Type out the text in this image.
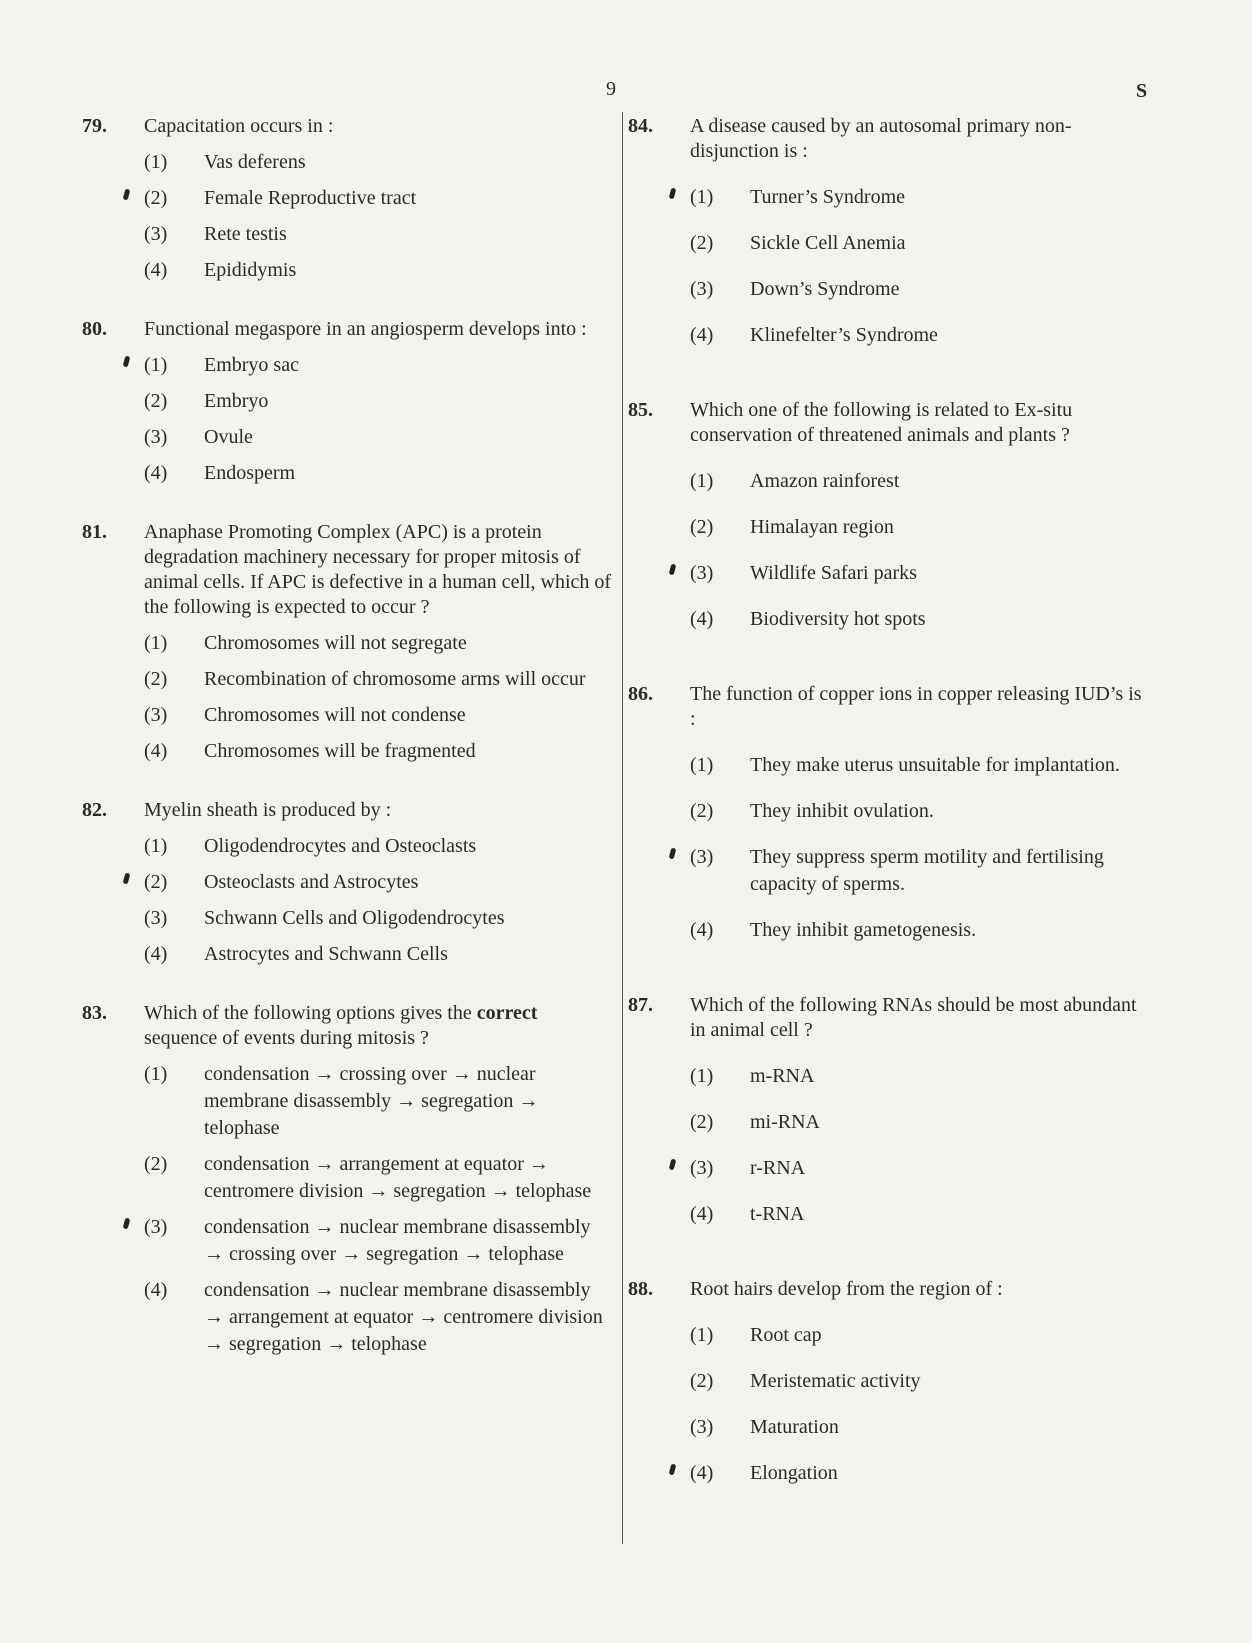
9	S
79. Capacitation occurs in :
(1) Vas deferens
(2) Female Reproductive tract
(3) Rete testis
(4) Epididymis
80. Functional megaspore in an angiosperm develops into :
(1) Embryo sac
(2) Embryo
(3) Ovule
(4) Endosperm
81. Anaphase Promoting Complex (APC) is a protein degradation machinery necessary for proper mitosis of animal cells. If APC is defective in a human cell, which of the following is expected to occur ?
(1) Chromosomes will not segregate
(2) Recombination of chromosome arms will occur
(3) Chromosomes will not condense
(4) Chromosomes will be fragmented
82. Myelin sheath is produced by :
(1) Oligodendrocytes and Osteoclasts
(2) Osteoclasts and Astrocytes
(3) Schwann Cells and Oligodendrocytes
(4) Astrocytes and Schwann Cells
83. Which of the following options gives the correct sequence of events during mitosis ?
(1) condensation → crossing over → nuclear membrane disassembly → segregation → telophase
(2) condensation → arrangement at equator → centromere division → segregation → telophase
(3) condensation → nuclear membrane disassembly → crossing over → segregation → telophase
(4) condensation → nuclear membrane disassembly → arrangement at equator → centromere division → segregation → telophase
84. A disease caused by an autosomal primary non-disjunction is :
(1) Turner’s Syndrome
(2) Sickle Cell Anemia
(3) Down’s Syndrome
(4) Klinefelter’s Syndrome
85. Which one of the following is related to Ex-situ conservation of threatened animals and plants ?
(1) Amazon rainforest
(2) Himalayan region
(3) Wildlife Safari parks
(4) Biodiversity hot spots
86. The function of copper ions in copper releasing IUD’s is :
(1) They make uterus unsuitable for implantation.
(2) They inhibit ovulation.
(3) They suppress sperm motility and fertilising capacity of sperms.
(4) They inhibit gametogenesis.
87. Which of the following RNAs should be most abundant in animal cell ?
(1) m-RNA
(2) mi-RNA
(3) r-RNA
(4) t-RNA
88. Root hairs develop from the region of :
(1) Root cap
(2) Meristematic activity
(3) Maturation
(4) Elongation
